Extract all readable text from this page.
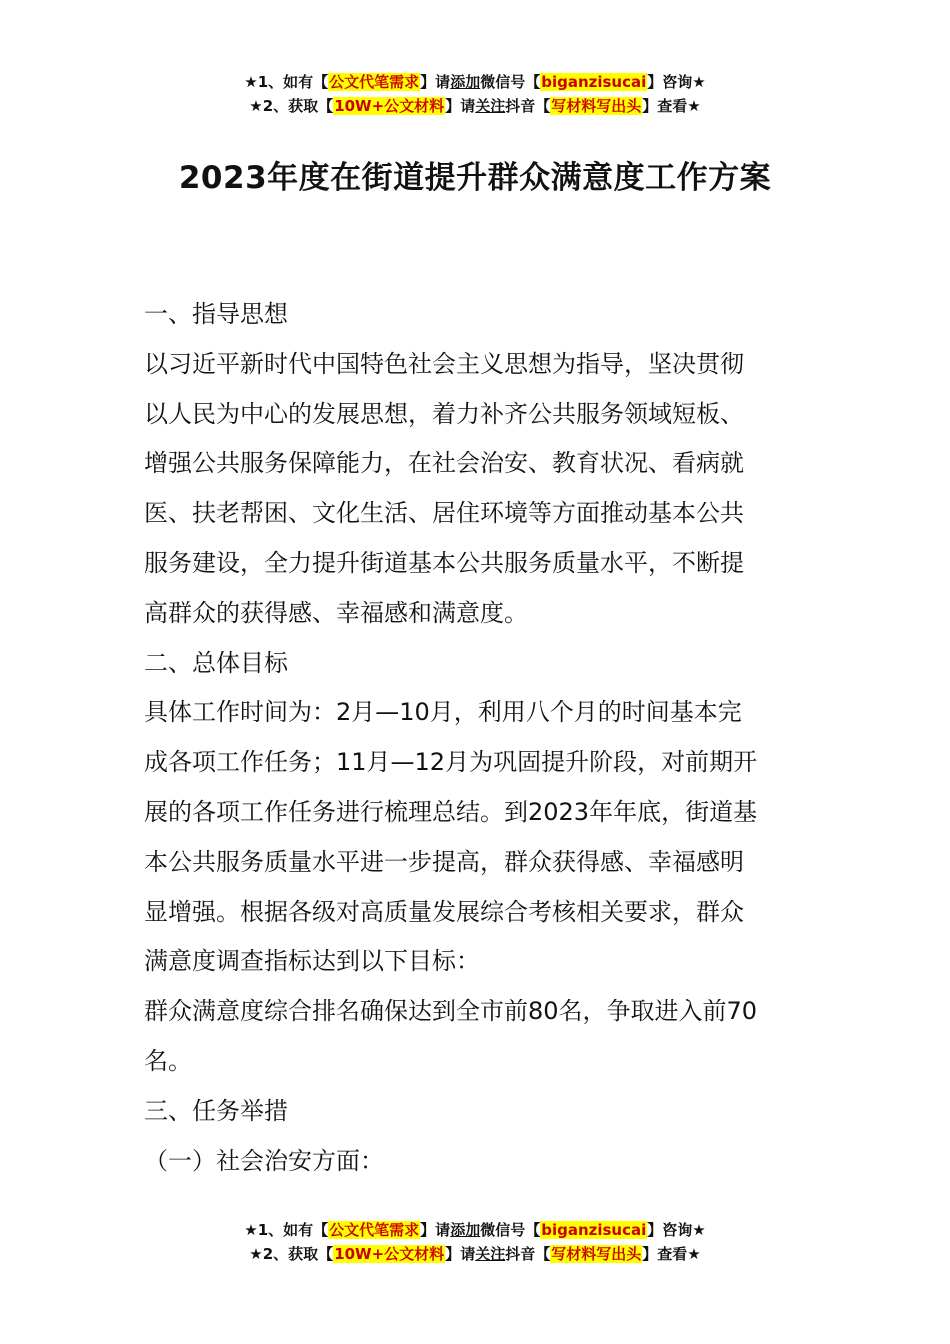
★1、如有【公文代笔需求】请添加微信号【biganzisucai】咨询★
★2、获取【10W+公文材料】请关注抖音【写材料写出头】查看★
2023年度在街道提升群众满意度工作方案

一、指导思想

以习近平新时代中国特色社会主义思想为指导，坚决贯彻

以人民为中心的发展思想，着力补齐公共服务领域短板、

增强公共服务保障能力，在社会治安、教育状况、看病就

医、扶老帮困、文化生活、居住环境等方面推动基本公共

服务建设，全力提升街道基本公共服务质量水平，不断提

高群众的获得感、幸福感和满意度。

二、总体目标

具体工作时间为：2月—10月，利用八个月的时间基本完

成各项工作任务；11月—12月为巩固提升阶段，对前期开

展的各项工作任务进行梳理总结。到2023年年底，街道基

本公共服务质量水平进一步提高，群众获得感、幸福感明

显增强。根据各级对高质量发展综合考核相关要求，群众

满意度调查指标达到以下目标：

群众满意度综合排名确保达到全市前80名，争取进入前70

名。

三、任务举措

（一）社会治安方面：

★1、如有【公文代笔需求】请添加微信号【biganzisucai】咨询★
★2、获取【10W+公文材料】请关注抖音【写材料写出头】查看★
